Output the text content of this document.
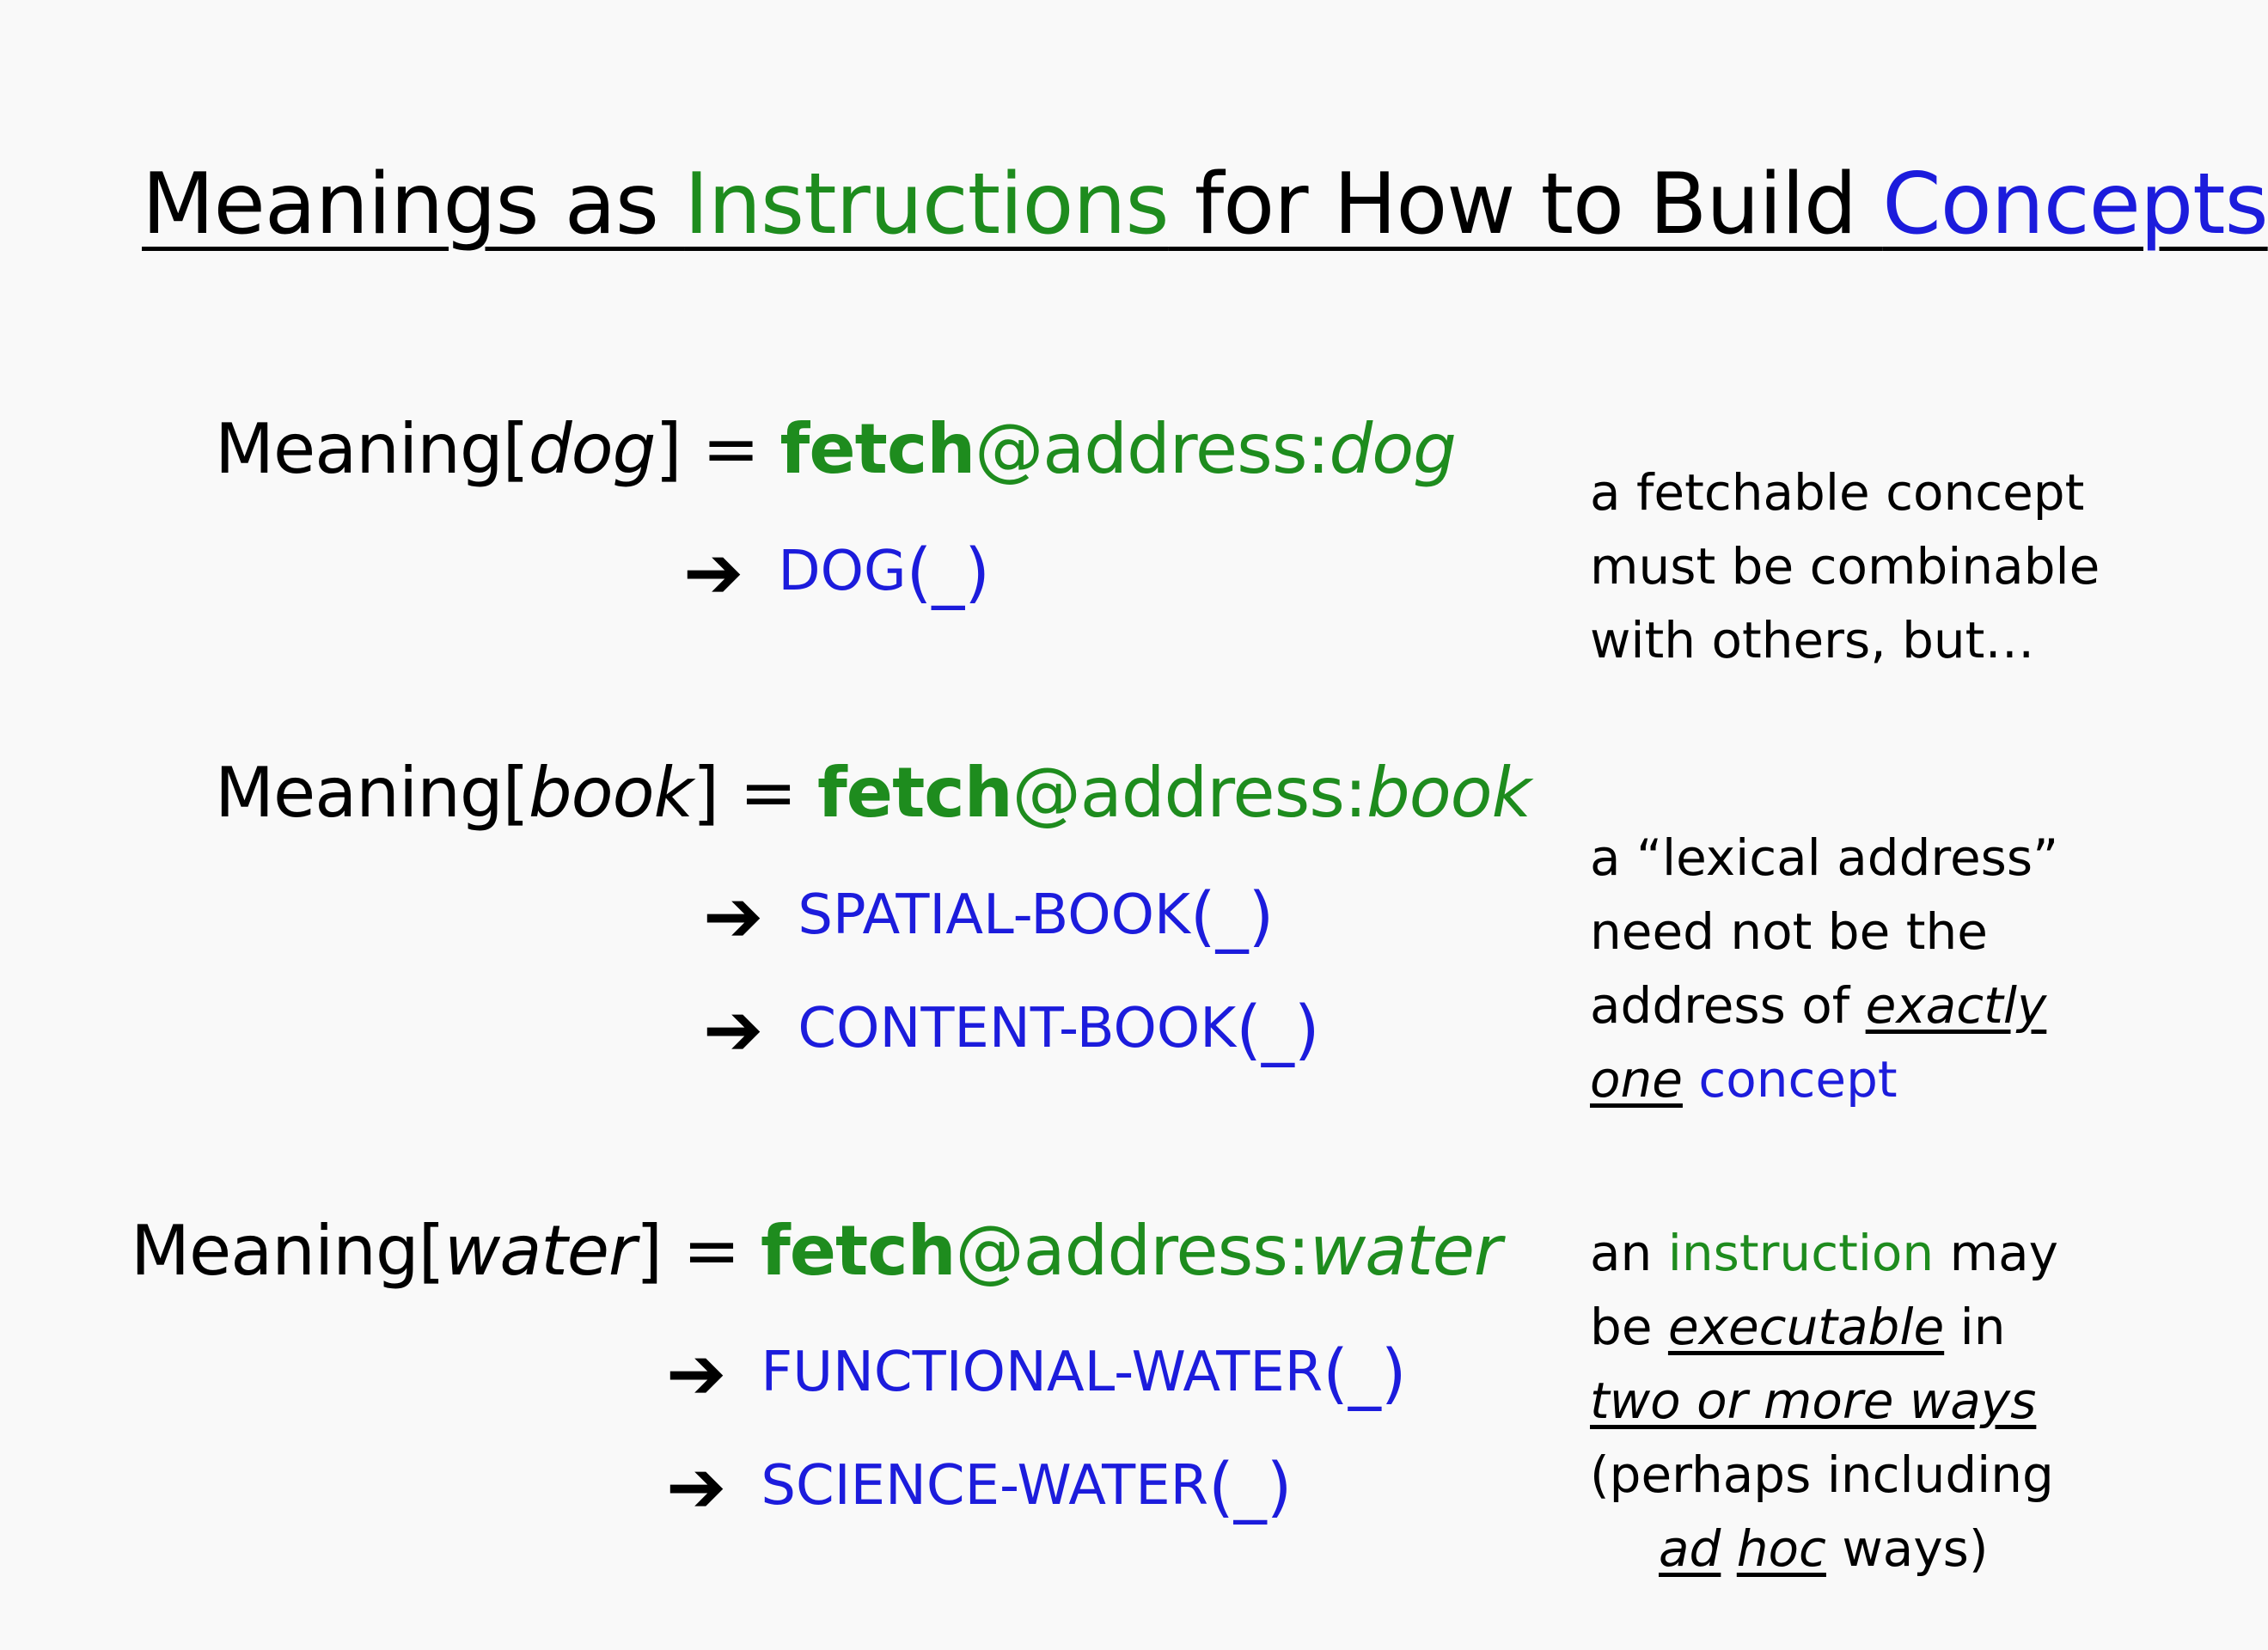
Meanings as Instructions for How to Build Concepts
Meaning[dog] = fetch@address:dog
➔ DOG (_)
Meaning[book] = fetch@address:book
➔ SPATIAL-BOOK (_)
➔ CONTENT-BOOK (_)
Meaning[water] = fetch@address:water
➔ FUNCTIONAL-WATER (_)
➔ SCIENCE-WATER (_)
a fetchable concept
must be combinable
with others, but…
a “lexical address”
need not be the
address of exactly
one concept
an instruction may
be executable in
two or more ways
(perhaps including
ad hoc ways)
